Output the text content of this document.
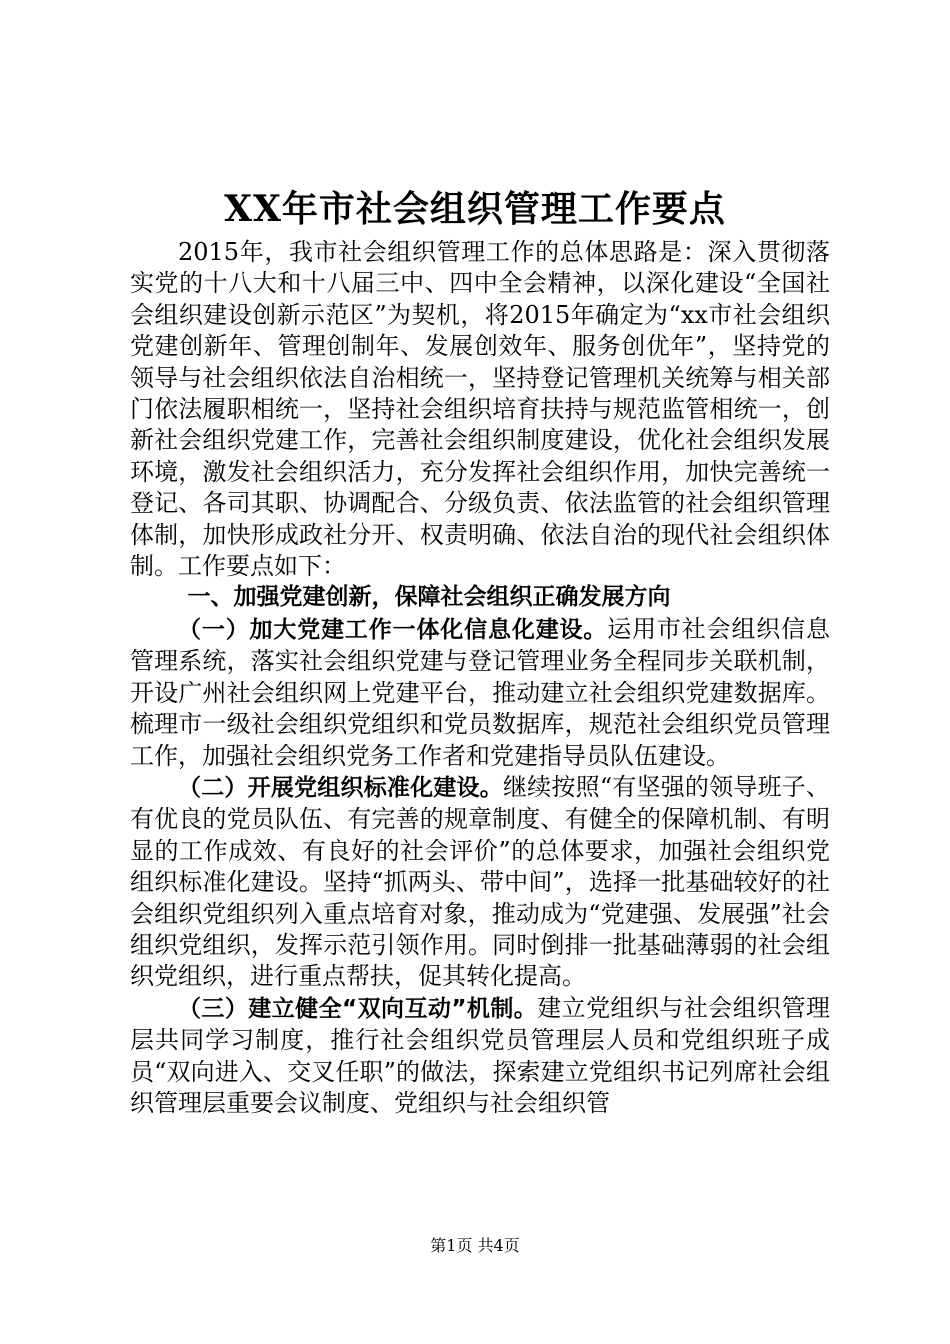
XX年市社会组织管理工作要点

2015年，我市社会组织管理工作的总体思路是：深入贯彻落实党的十八大和十八届三中、四中全会精神，以深化建设“全国社会组织建设创新示范区”为契机，将2015年确定为“xx市社会组织党建创新年、管理创制年、发展创效年、服务创优年”，坚持党的领导与社会组织依法自治相统一，坚持登记管理机关统筹与相关部门依法履职相统一，坚持社会组织培育扶持与规范监管相统一，创新社会组织党建工作，完善社会组织制度建设，优化社会组织发展环境，激发社会组织活力，充分发挥社会组织作用，加快完善统一登记、各司其职、协调配合、分级负责、依法监管的社会组织管理体制，加快形成政社分开、权责明确、依法自治的现代社会组织体制。工作要点如下：

一、加强党建创新，保障社会组织正确发展方向

（一）加大党建工作一体化信息化建设。运用市社会组织信息管理系统，落实社会组织党建与登记管理业务全程同步关联机制，开设广州社会组织网上党建平台，推动建立社会组织党建数据库。梳理市一级社会组织党组织和党员数据库，规范社会组织党员管理工作，加强社会组织党务工作者和党建指导员队伍建设。

（二）开展党组织标准化建设。继续按照“有坚强的领导班子、有优良的党员队伍、有完善的规章制度、有健全的保障机制、有明显的工作成效、有良好的社会评价”的总体要求，加强社会组织党组织标准化建设。坚持“抓两头、带中间”，选择一批基础较好的社会组织党组织列入重点培育对象，推动成为“党建强、发展强”社会组织党组织，发挥示范引领作用。同时倒排一批基础薄弱的社会组织党组织，进行重点帮扶，促其转化提高。

（三）建立健全“双向互动”机制。建立党组织与社会组织管理层共同学习制度，推行社会组织党员管理层人员和党组织班子成员“双向进入、交叉任职”的做法，探索建立党组织书记列席社会组织管理层重要会议制度、党组织与社会组织管

第1页 共4页
